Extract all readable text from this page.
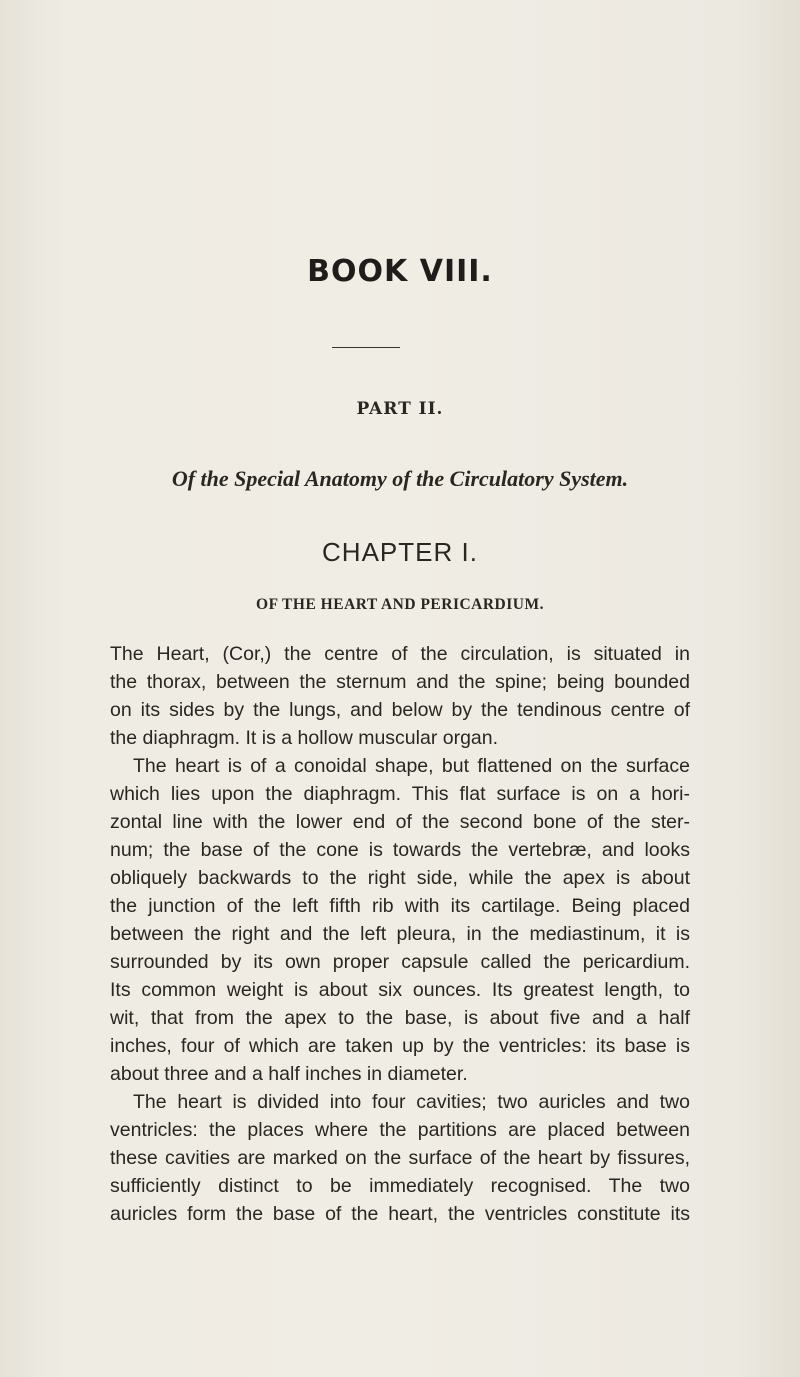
BOOK VIII.
PART II.
Of the Special Anatomy of the Circulatory System.
CHAPTER I.
OF THE HEART AND PERICARDIUM.
The Heart, (Cor,) the centre of the circulation, is situated in
the thorax, between the sternum and the spine; being bounded
on its sides by the lungs, and below by the tendinous centre of
the diaphragm. It is a hollow muscular organ.
The heart is of a conoidal shape, but flattened on the surface
which lies upon the diaphragm. This flat surface is on a hori-
zontal line with the lower end of the second bone of the ster-
num; the base of the cone is towards the vertebræ, and looks
obliquely backwards to the right side, while the apex is about
the junction of the left fifth rib with its cartilage. Being placed
between the right and the left pleura, in the mediastinum, it is
surrounded by its own proper capsule called the pericardium.
Its common weight is about six ounces. Its greatest length, to
wit, that from the apex to the base, is about five and a half
inches, four of which are taken up by the ventricles: its base is
about three and a half inches in diameter.
The heart is divided into four cavities; two auricles and two
ventricles: the places where the partitions are placed between
these cavities are marked on the surface of the heart by fissures,
sufficiently distinct to be immediately recognised. The two
auricles form the base of the heart, the ventricles constitute its
